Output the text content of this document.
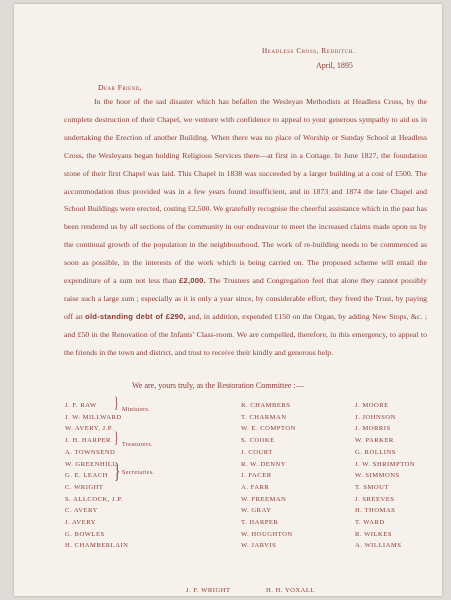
Headless Cross, Redditch.
April, 1895
Dear Friend,
In the hour of the sad disaster which has befallen the Wesleyan Methodists at Headless Cross, by the complete destruction of their Chapel, we venture with confidence to appeal to your generous sympathy to aid us in undertaking the Erection of another Building. When there was no place of Worship or Sunday School at Headless Cross, the Wesleyans began holding Religious Services there—at first in a Cottage. In June 1827, the foundation stone of their first Chapel was laid. This Chapel in 1838 was succeeded by a larger building at a cost of £500. The accommodation thus provided was in a few years found insufficient, and in 1873 and 1874 the late Chapel and School Buildings were erected, costing £2,500. We gratefully recognise the cheerful assistance which in the past has been rendered us by all sections of the community in our endeavour to meet the increased claims made upon us by the continual growth of the population in the neighbourhood. The work of re-building needs to be commenced as soon as possible, in the interests of the work which is being carried on. The proposed scheme will entail the expenditure of a sum not less than £2,000. The Trustees and Congregation feel that alone they cannot possibly raise such a large sum ; especially as it is only a year since, by considerable effort, they freed the Trust, by paying off an old-standing debt of £290, and, in addition, expended £150 on the Organ, by adding New Stops, &c. ; and £50 in the Renovation of the Infants’ Class-room. We are compelled, therefore, in this emergency, to appeal to the friends in the town and district, and trust to receive their kindly and generous help.
We are, yours truly, as the Restoration Committee :—
J. F. RAW
J. W. MILLWARD
W. AVERY, J.P.
J. H. HARPER
A. TOWNSEND
W. GREENHILL
G. E. LEACH
C. WRIGHT
S. ALLCOCK, J.P.
C. AVERY
J. AVERY
G. BOWLES
H. CHAMBERLAIN
} Ministers.
} Treasurers.
} Secretaries.
R. CHAMBERS
T. CHARMAN
W. E. COMPTON
S. COOKE
J. COURT
R. W. DENNY
J. FACER
A. FARR
W. FREEMAN
W. GRAY
T. HARPER
W. HOUGHTON
W. JARVIS
J. MOORE
J. JOHNSON
J. MORRIS
W. PARKER
G. ROLLINS
J. W. SHRIMPTON
W. SIMMONS
T. SMOUT
J. SREEVES
H. THOMAS
T. WARD
R. WILKES
A. WILLIAMS
J. F. WRIGHT	H. H. YOXALL
